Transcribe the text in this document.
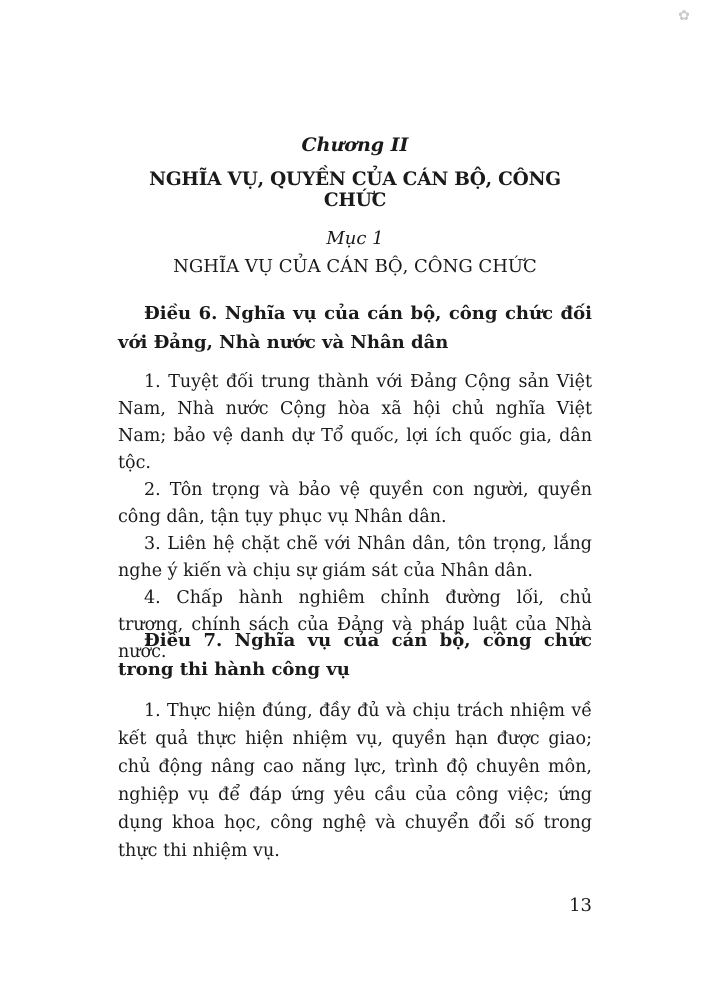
✿
Chương II
NGHĨA VỤ, QUYỀN CỦA CÁN BỘ, CÔNG CHỨC
Mục 1
NGHĨA VỤ CỦA CÁN BỘ, CÔNG CHỨC

Điều 6. Nghĩa vụ của cán bộ, công chức đối với Đảng, Nhà nước và Nhân dân

1. Tuyệt đối trung thành với Đảng Cộng sản Việt Nam, Nhà nước Cộng hòa xã hội chủ nghĩa Việt Nam; bảo vệ danh dự Tổ quốc, lợi ích quốc gia, dân tộc.

2. Tôn trọng và bảo vệ quyền con người, quyền công dân, tận tụy phục vụ Nhân dân.

3. Liên hệ chặt chẽ với Nhân dân, tôn trọng, lắng nghe ý kiến và chịu sự giám sát của Nhân dân.

4. Chấp hành nghiêm chỉnh đường lối, chủ trương, chính sách của Đảng và pháp luật của Nhà nước.

Điều 7. Nghĩa vụ của cán bộ, công chức trong thi hành công vụ

1. Thực hiện đúng, đầy đủ và chịu trách nhiệm về kết quả thực hiện nhiệm vụ, quyền hạn được giao; chủ động nâng cao năng lực, trình độ chuyên môn, nghiệp vụ để đáp ứng yêu cầu của công việc; ứng dụng khoa học, công nghệ và chuyển đổi số trong thực thi nhiệm vụ.

13
